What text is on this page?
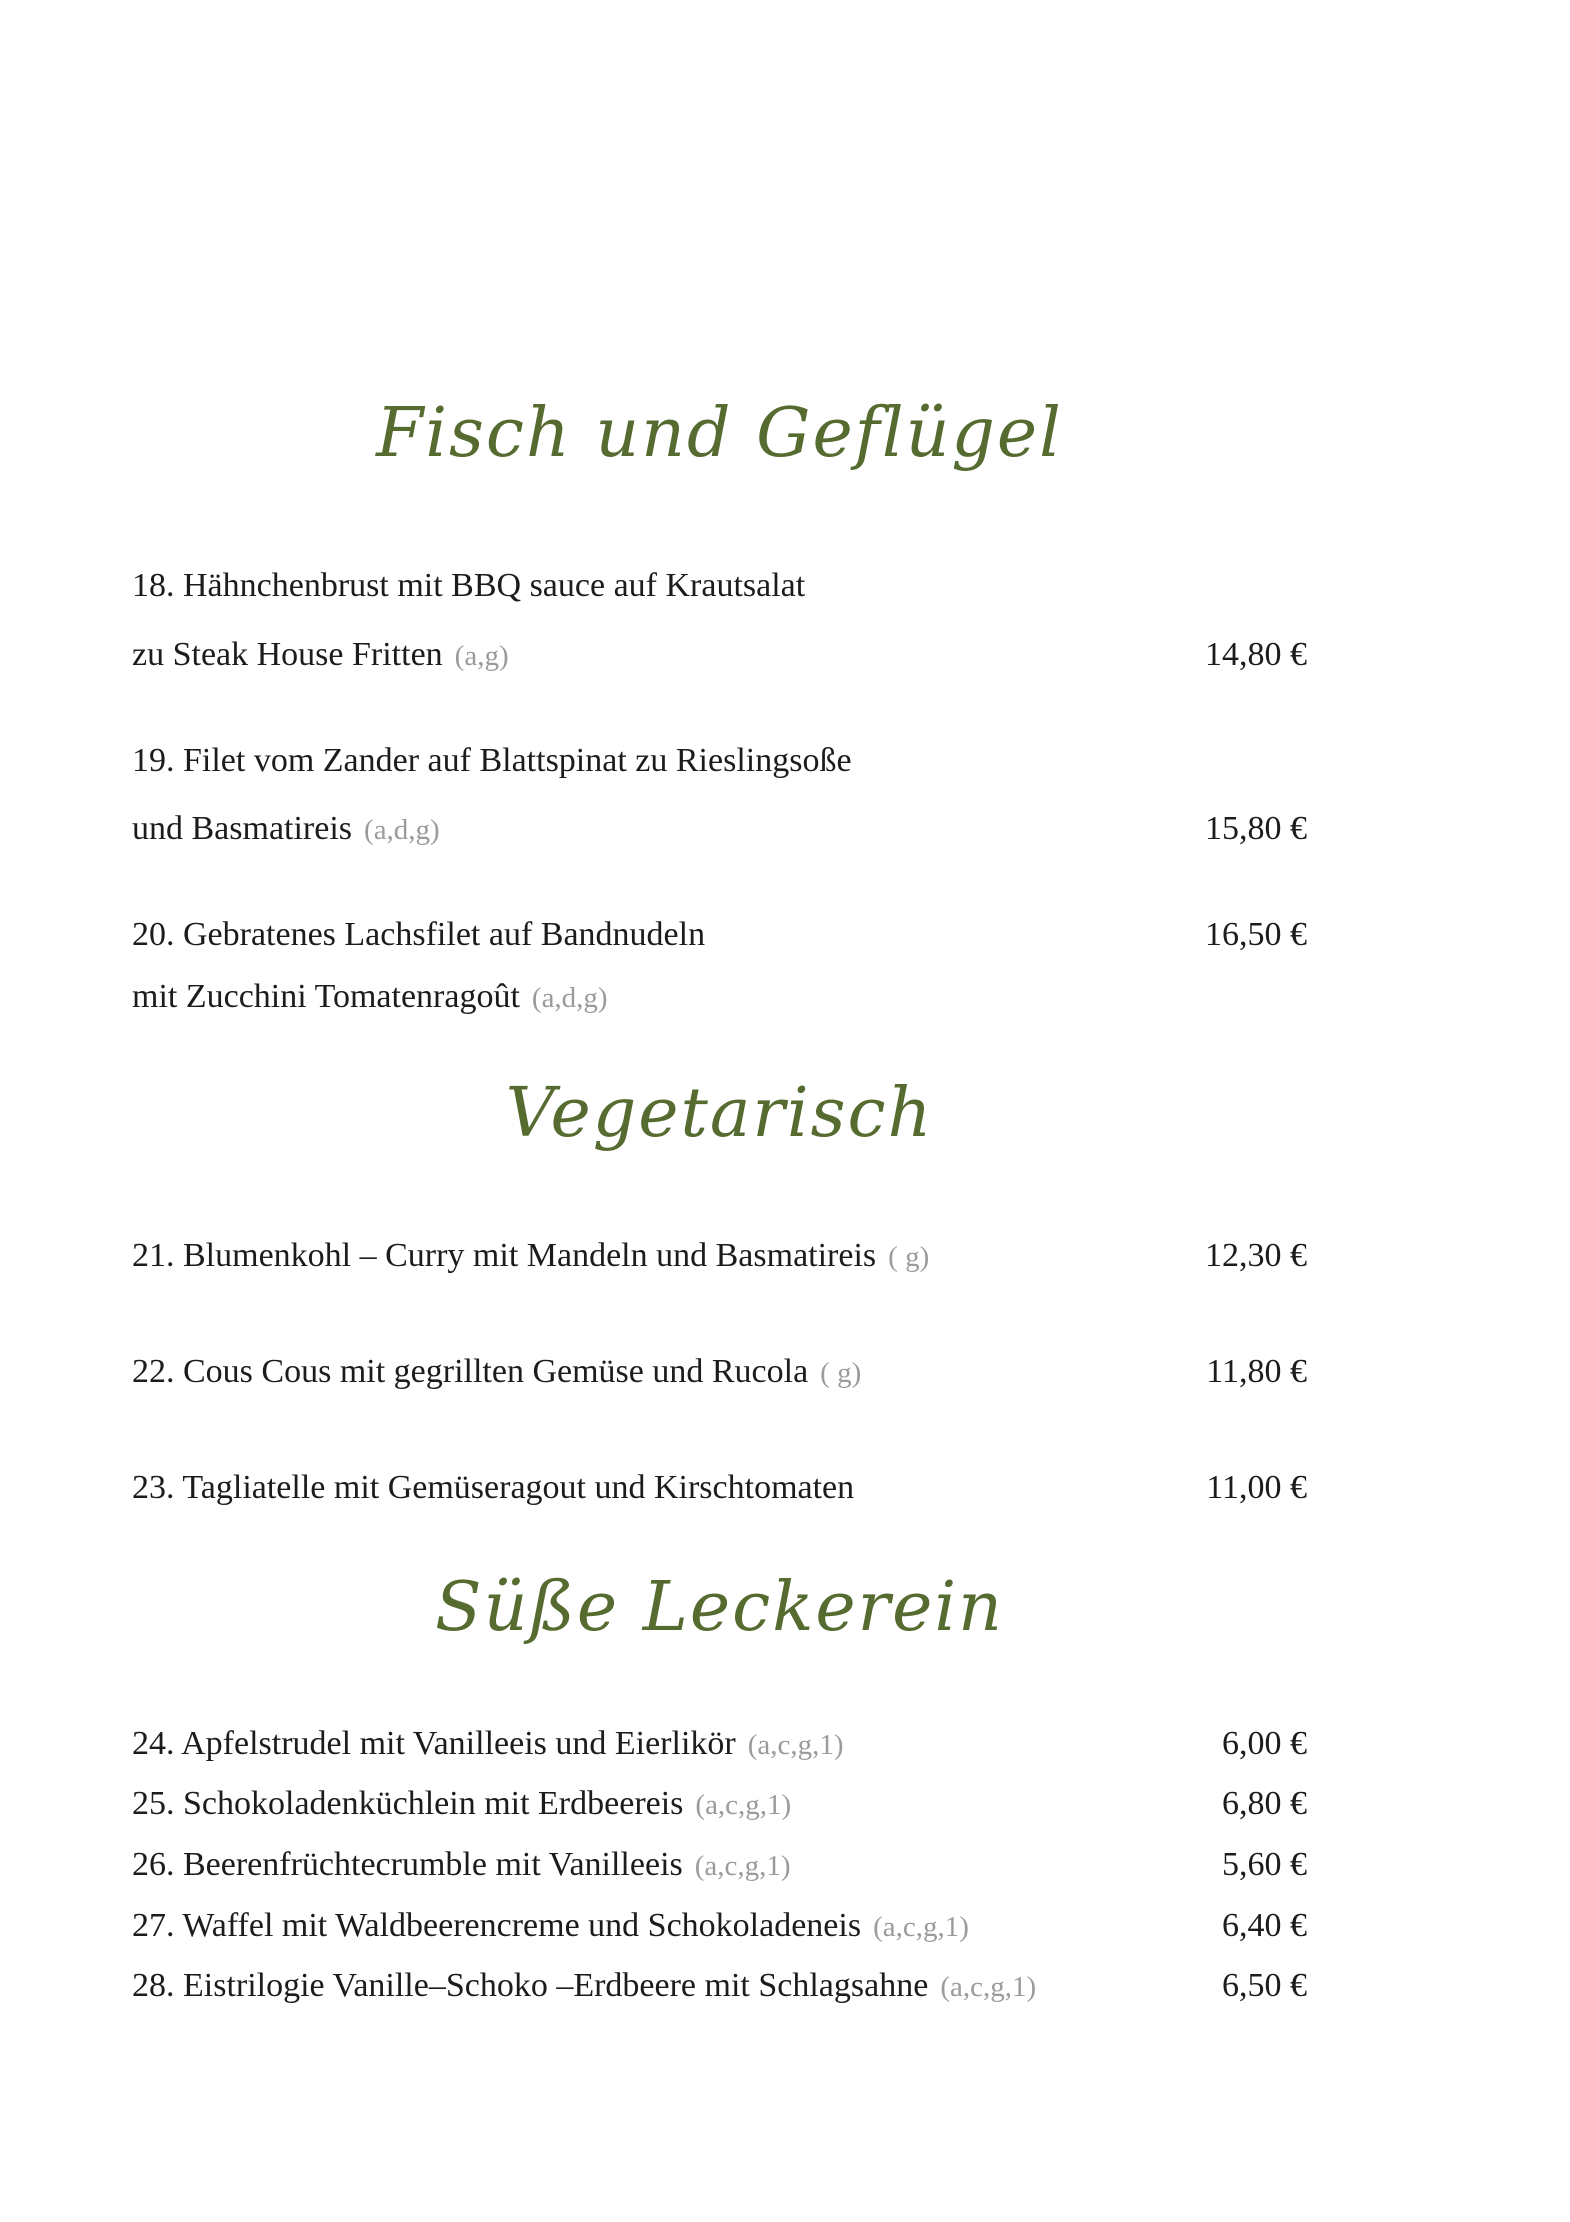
Fisch und Geflügel
18. Hähnchenbrust mit BBQ sauce auf Krautsalat
zu Steak House Fritten (a,g)	14,80 €
19. Filet vom Zander auf Blattspinat zu Rieslingsoße
und Basmatireis (a,d,g)	15,80 €
20. Gebratenes Lachsfilet auf Bandnudeln	16,50 €
mit Zucchini Tomatenragoût (a,d,g)
Vegetarisch
21. Blumenkohl – Curry mit Mandeln und Basmatireis ( g)	12,30 €
22. Cous Cous mit gegrillten Gemüse und Rucola ( g)	11,80 €
23. Tagliatelle mit Gemüseragout und Kirschtomaten	11,00 €
Süße Leckerein
24. Apfelstrudel mit Vanilleeis und Eierlikör (a,c,g,1)	6,00 €
25. Schokoladenküchlein mit Erdbeereis (a,c,g,1)	6,80 €
26. Beerenfrüchtecrumble mit Vanilleeis (a,c,g,1)	5,60 €
27. Waffel mit Waldbeerencreme und Schokoladeneis (a,c,g,1)	6,40 €
28. Eistrilogie Vanille–Schoko –Erdbeere mit Schlagsahne (a,c,g,1)	6,50 €
